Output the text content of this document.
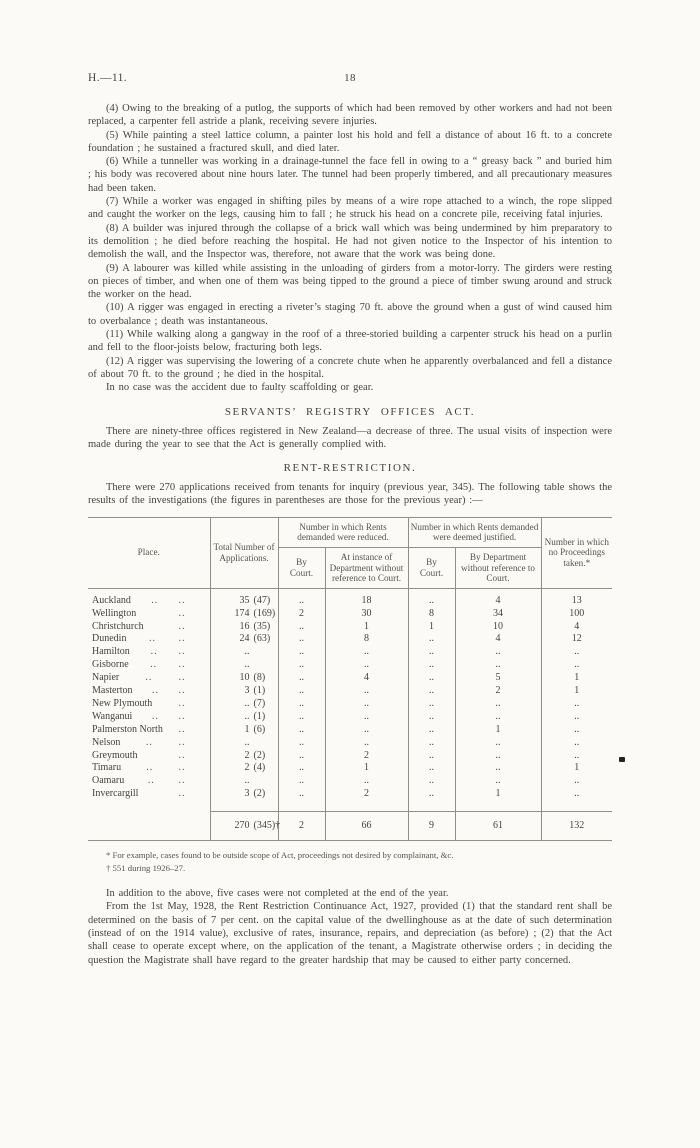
H.—11.	18

(4) Owing to the breaking of a putlog, the supports of which had been removed by other workers and had not been replaced, a carpenter fell astride a plank, receiving severe injuries.

(5) While painting a steel lattice column, a painter lost his hold and fell a distance of about 16 ft. to a concrete foundation ; he sustained a fractured skull, and died later.

(6) While a tunneller was working in a drainage-tunnel the face fell in owing to a “ greasy back ” and buried him ; his body was recovered about nine hours later. The tunnel had been properly timbered, and all precautionary measures had been taken.

(7) While a worker was engaged in shifting piles by means of a wire rope attached to a winch, the rope slipped and caught the worker on the legs, causing him to fall ; he struck his head on a concrete pile, receiving fatal injuries.

(8) A builder was injured through the collapse of a brick wall which was being undermined by him preparatory to its demolition ; he died before reaching the hospital. He had not given notice to the Inspector of his intention to demolish the wall, and the Inspector was, therefore, not aware that the work was being done.

(9) A labourer was killed while assisting in the unloading of girders from a motor-lorry. The girders were resting on pieces of timber, and when one of them was being tipped to the ground a piece of timber swung around and struck the worker on the head.

(10) A rigger was engaged in erecting a riveter’s staging 70 ft. above the ground when a gust of wind caused him to overbalance ; death was instantaneous.

(11) While walking along a gangway in the roof of a three-storied building a carpenter struck his head on a purlin and fell to the floor-joists below, fracturing both legs.

(12) A rigger was supervising the lowering of a concrete chute when he apparently overbalanced and fell a distance of about 70 ft. to the ground ; he died in the hospital.

In no case was the accident due to faulty scaffolding or gear.

SERVANTS’ REGISTRY OFFICES ACT.

There are ninety-three offices registered in New Zealand—a decrease of three. The usual visits of inspection were made during the year to see that the Act is generally complied with.

RENT-RESTRICTION.

There were 270 applications received from tenants for inquiry (previous year, 345). The following table shows the results of the investigations (the figures in parentheses are those for the previous year) :—

Place.	Total Number of Applications.	Number in which Rents demanded were reduced.		Number in which Rents demanded were deemed justified.		Number in which no Proceedings taken.*
		By Court.	At instance of Department without reference to Court.	By Court.	By Department without reference to Court.	

Auckland .. ..	35 (47)	..	18	..	4	13

Wellington ..	174 (169)	2	30	8	34	100

Christchurch ..	16 (35)	..	1	1	10	4

Dunedin .. ..	24 (63)	..	8	..	4	12

Hamilton .. ..	..	..	..	..	..	..

Gisborne .. ..	..	..	..	..	..	..

Napier .. ..	10 (8)	..	4	..	5	1

Masterton .. ..	3 (1)	..	..	..	2	1

New Plymouth ..	.. (7)	..	..	..	..	..

Wanganui .. ..	.. (1)	..	..	..	..	..

Palmerston North ..	1 (6)	..	..	..	1	..

Nelson .. ..	..	..	..	..	..	..

Greymouth ..	2 (2)	..	2	..	..	..

Timaru .. ..	2 (4)	..	1	..	..	1

Oamaru .. ..	..	..	..	..	..	..

Invercargill ..	3 (2)	..	2	..	1	..

	270 (345)†	2	66	9	61	132

* For example, cases found to be outside scope of Act, proceedings not desired by complainant, &c.

† 551 during 1926–27.

In addition to the above, five cases were not completed at the end of the year.

From the 1st May, 1928, the Rent Restriction Continuance Act, 1927, provided (1) that the standard rent shall be determined on the basis of 7 per cent. on the capital value of the dwellinghouse as at the date of such determination (instead of on the 1914 value), exclusive of rates, insurance, repairs, and depreciation (as before) ; (2) that the Act shall cease to operate except where, on the application of the tenant, a Magistrate otherwise orders ; in deciding the question the Magistrate shall have regard to the greater hardship that may be caused to either party concerned.
